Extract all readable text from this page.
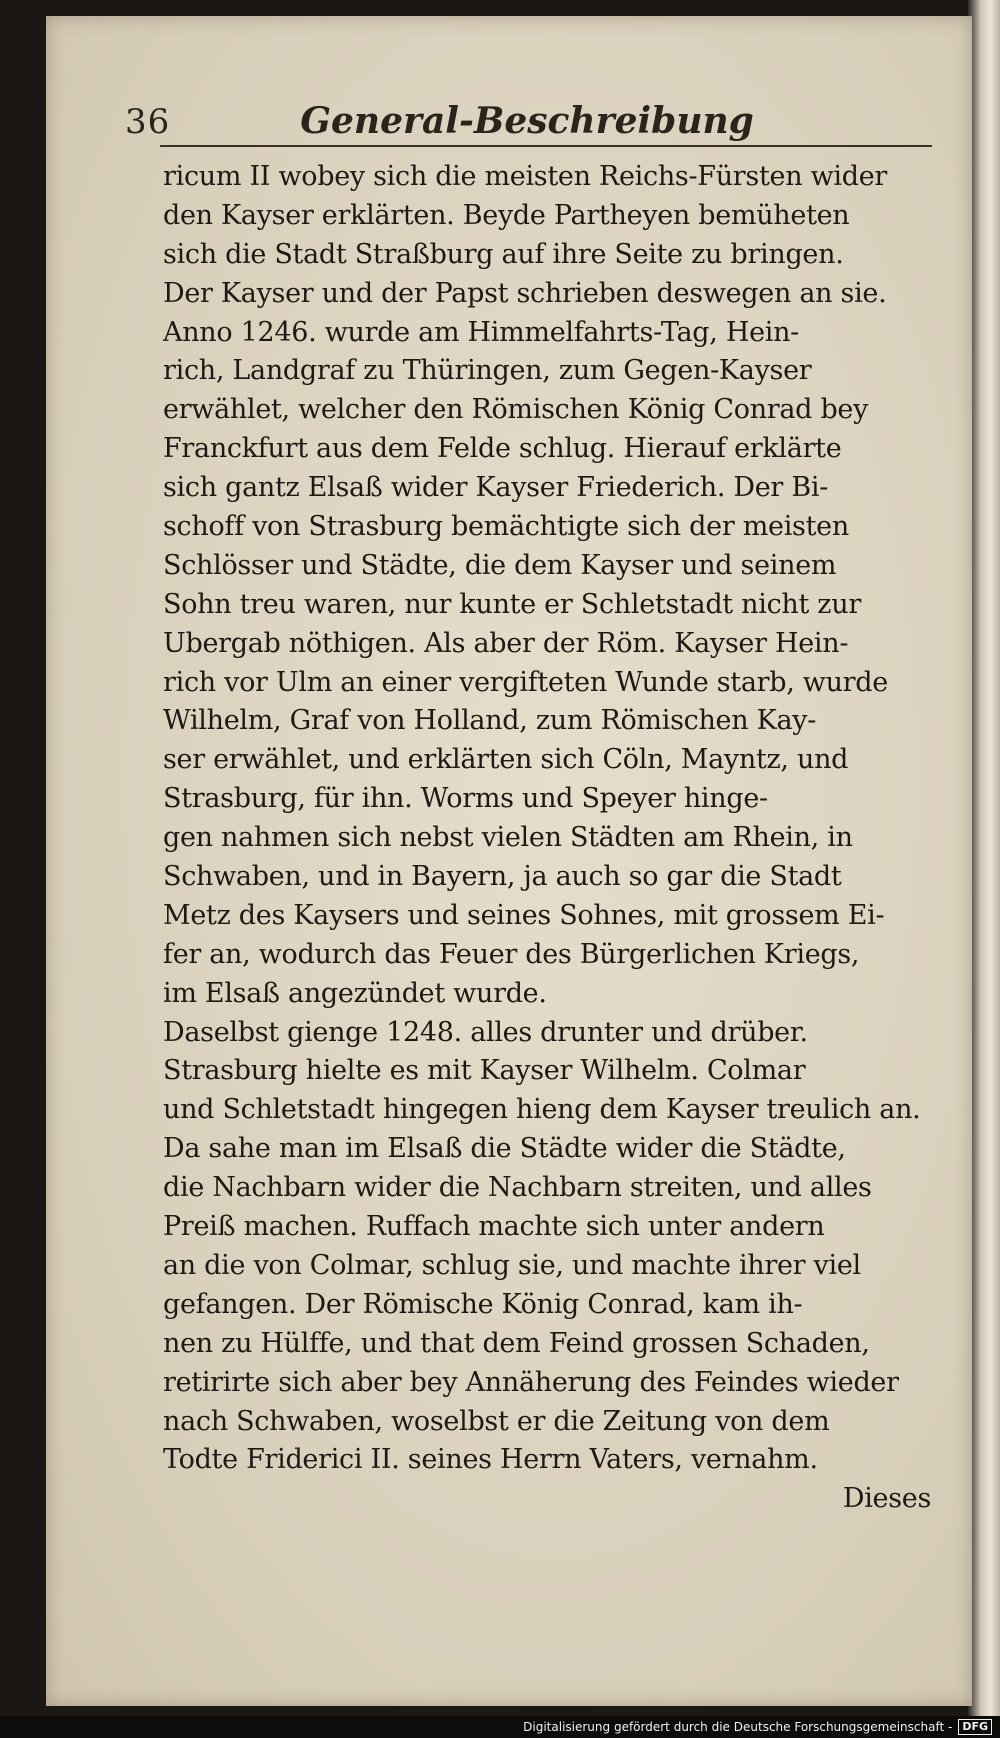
36	General-Beschreibung
ricum II wobey sich die meisten Reichs-Fürsten wider
den Kayser erklärten. Beyde Partheyen bemüheten
sich die Stadt Straßburg auf ihre Seite zu bringen.
Der Kayser und der Papst schrieben deswegen an sie.
Anno 1246. wurde am Himmelfahrts-Tag, Hein-
rich, Landgraf zu Thüringen, zum Gegen-Kayser
erwählet, welcher den Römischen König Conrad bey
Franckfurt aus dem Felde schlug. Hierauf erklärte
sich gantz Elsaß wider Kayser Friederich. Der Bi-
schoff von Strasburg bemächtigte sich der meisten
Schlösser und Städte, die dem Kayser und seinem
Sohn treu waren, nur kunte er Schletstadt nicht zur
Ubergab nöthigen. Als aber der Röm. Kayser Hein-
rich vor Ulm an einer vergifteten Wunde starb, wurde
Wilhelm, Graf von Holland, zum Römischen Kay-
ser erwählet, und erklärten sich Cöln, Mayntz, und
Strasburg, für ihn. Worms und Speyer hinge-
gen nahmen sich nebst vielen Städten am Rhein, in
Schwaben, und in Bayern, ja auch so gar die Stadt
Metz des Kaysers und seines Sohnes, mit grossem Ei-
fer an, wodurch das Feuer des Bürgerlichen Kriegs,
im Elsaß angezündet wurde.
Daselbst gienge 1248. alles drunter und drüber.
Strasburg hielte es mit Kayser Wilhelm. Colmar
und Schletstadt hingegen hieng dem Kayser treulich an.
Da sahe man im Elsaß die Städte wider die Städte,
die Nachbarn wider die Nachbarn streiten, und alles
Preiß machen. Ruffach machte sich unter andern
an die von Colmar, schlug sie, und machte ihrer viel
gefangen. Der Römische König Conrad, kam ih-
nen zu Hülffe, und that dem Feind grossen Schaden,
retirirte sich aber bey Annäherung des Feindes wieder
nach Schwaben, woselbst er die Zeitung von dem
Todte Friderici II. seines Herrn Vaters, vernahm.
Dieses
Digitalisierung gefördert durch die Deutsche Forschungsgemeinschaft - DFG
